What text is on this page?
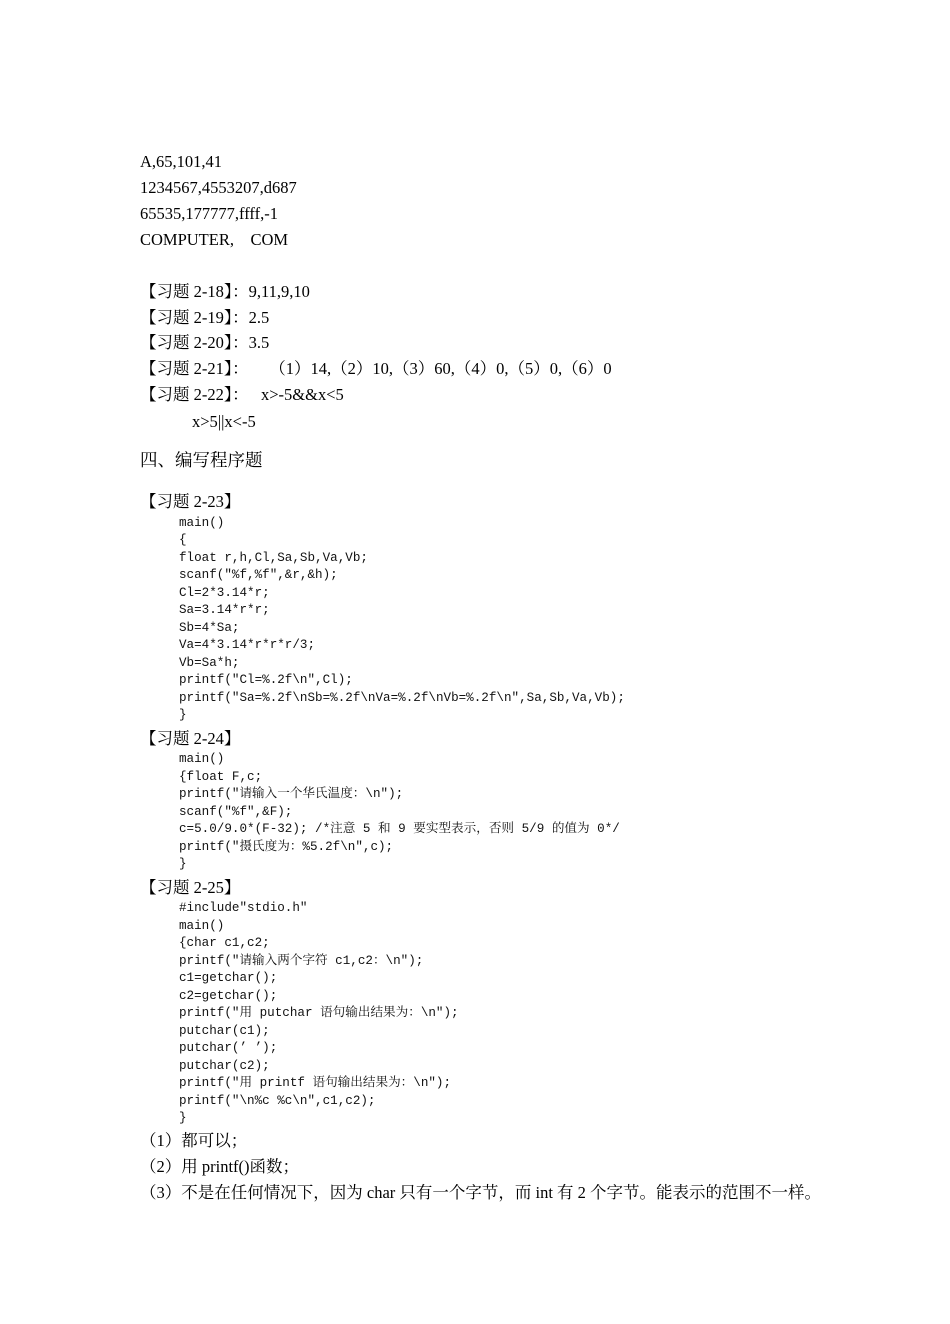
A,65,101,41
1234567,4553207,d687
65535,177777,ffff,-1
COMPUTER,    COM
【习题 2-18】：9,11,9,10
【习题 2-19】：2.5
【习题 2-20】：3.5
【习题 2-21】：     （1）14,（2）10,（3）60,（4）0,（5）0,（6）0
【习题 2-22】：   x>-5&&x<5
x>5||x<-5
四、编写程序题
【习题 2-23】
main()
{
float r,h,Cl,Sa,Sb,Va,Vb;
scanf("%f,%f",&r,&h);
Cl=2*3.14*r;
Sa=3.14*r*r;
Sb=4*Sa;
Va=4*3.14*r*r*r/3;
Vb=Sa*h;
printf("Cl=%.2f\n",Cl);
printf("Sa=%.2f\nSb=%.2f\nVa=%.2f\nVb=%.2f\n",Sa,Sb,Va,Vb);
}
【习题 2-24】
main()
{float F,c;
printf("请输入一个华氏温度：\n");
scanf("%f",&F);
c=5.0/9.0*(F-32); /*注意 5 和 9 要实型表示，否则 5/9 的值为 0*/
printf("摄氏度为：%5.2f\n",c);
}
【习题 2-25】
#include"stdio.h"
main()
{char c1,c2;
printf("请输入两个字符 c1,c2：\n");
c1=getchar();
c2=getchar();
printf("用 putchar 语句输出结果为：\n");
putchar(c1);
putchar(’ ’);
putchar(c2);
printf("用 printf 语句输出结果为：\n");
printf("\n%c %c\n",c1,c2);
}
（1）都可以；
（2）用 printf()函数；
（3）不是在任何情况下，因为 char 只有一个字节，而 int 有 2 个字节。能表示的范围不一样。
